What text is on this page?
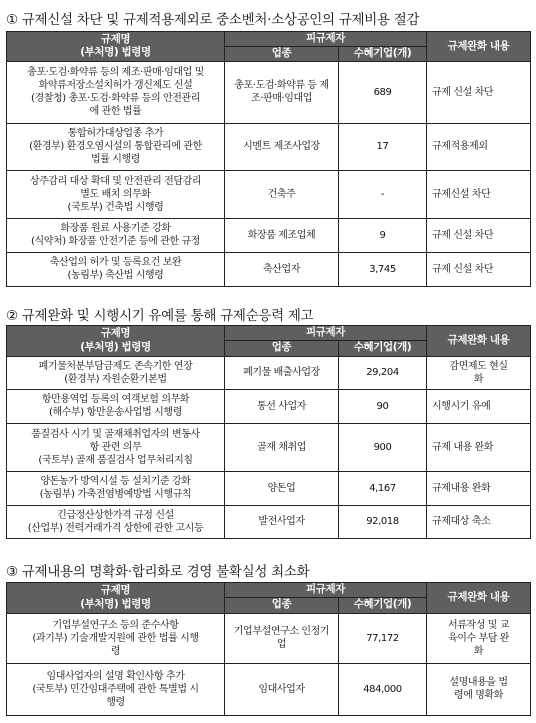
① 규제신설 차단 및 규제적용제외로 중소벤처·소상공인의 규제비용 절감
규제명
(부처명) 법령명	피규제자		규제완화 내용
	업종	수혜기업(개)	

총포·도검·화약류 등의 제조·판매·임대업 및
화약류저장소설치허가 갱신제도 신설
(경찰청) 총포·도검·화약류 등의 안전관리
에 관한 법률	총포·도검·화약류 등 제
조·판매·임대업	689	규제 신설 차단

통합허가대상업종 추가
(환경부) 환경오염시설의 통합관리에 관한
법률 시행령	시멘트 제조사업장	17	규제적용제외

상주감리 대상 확대 및 안전관리 전담감리
별도 배치 의무화
(국토부) 건축법 시행령	건축주	-	규제신설 차단

화장품 원료 사용기준 강화
(식약처) 화장품 안전기준 등에 관한 규정	화장품 제조업체	9	규제 신설 차단

축산업의 허가 및 등록요건 보완
(농림부) 축산법 시행령	축산업자	3,745	규제 신설 차단
② 규제완화 및 시행시기 유예를 통해 규제순응력 제고
규제명
(부처명) 법령명	피규제자		규제완화 내용
	업종	수혜기업(개)	

폐기물처분부담금제도 존속기한 연장
(환경부) 자원순환기본법	폐기물 배출사업장	29,204	감면제도 현실
화

항만용역업 등록의 여객보험 의무화
(해수부) 항만운송사업법 시행령	통선 사업자	90	시행시기 유예

품질검사 시기 및 골재채취업자의 변동사
항 관련 의무
(국토부) 골재 품질검사 업무처리지침	골재 채취업	900	규제 내용 완화

양돈농가 방역시설 등 설치기준 강화
(농림부) 가축전염병예방법 시행규칙	양돈업	4,167	규제내용 완화

긴급정산상한가격 규정 신설
(산업부) 전력거래가격 상한에 관한 고시등	발전사업자	92,018	규제대상 축소
③ 규제내용의 명확화·합리화로 경영 불확실성 최소화
규제명
(부처명) 법령명	피규제자		규제완화 내용
	업종	수혜기업(개)	

기업부설연구소 등의 준수사항
(과기부) 기술개발지원에 관한 법률 시행
령	기업부설연구소 인정기
업	77,172	서류작성 및 교
육이수 부담 완
화

임대사업자의 설명 확인사항 추가
(국토부) 민간임대주택에 관한 특별법 시
행령	임대사업자	484,000	설명내용을 법
령에 명확화
